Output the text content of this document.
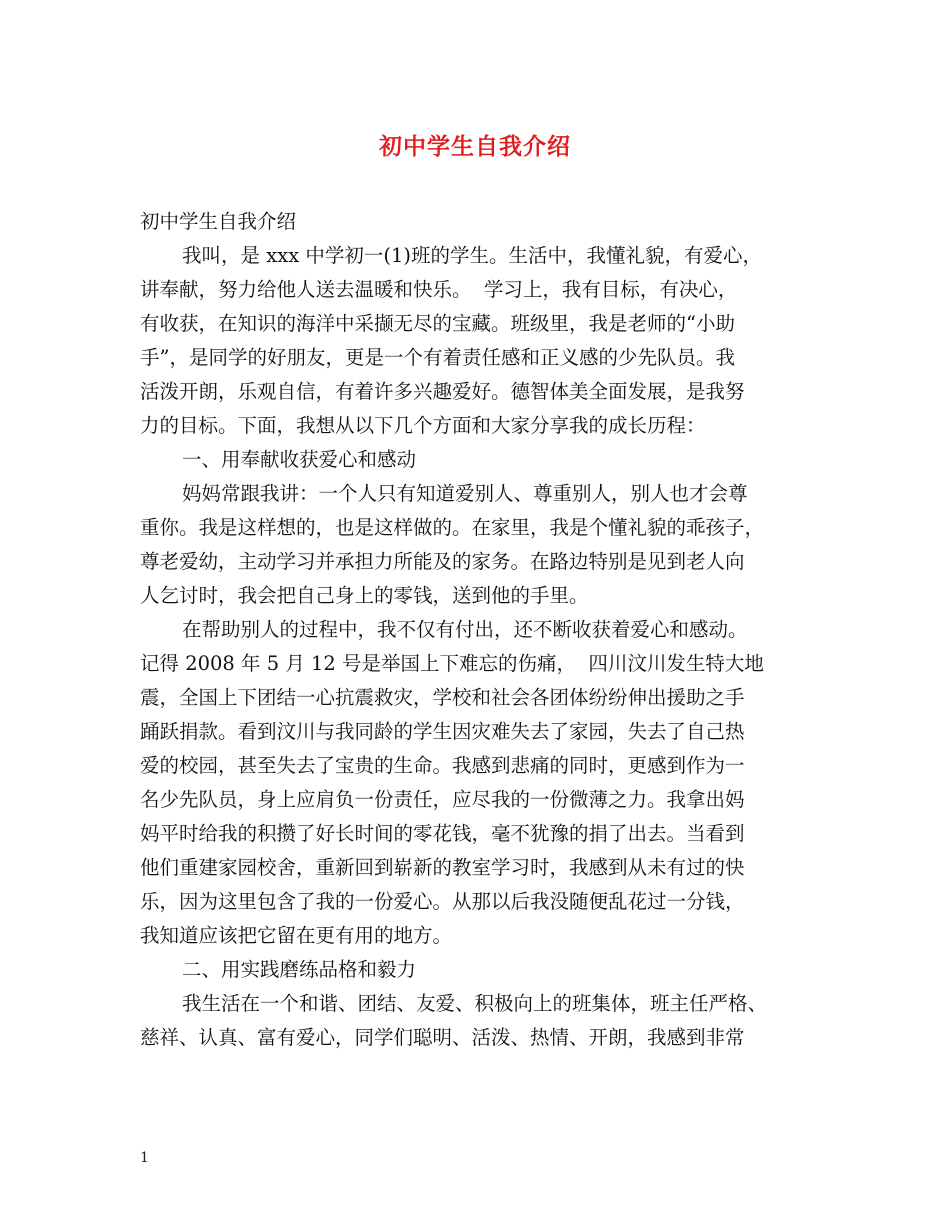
初中学生自我介绍
初中学生自我介绍
我叫，是 xxx 中学初一(1)班的学生。生活中，我懂礼貌，有爱心，
讲奉献，努力给他人送去温暖和快乐。  学习上，我有目标，有决心，
有收获，在知识的海洋中采撷无尽的宝藏。班级里，我是老师的“小助
手”，是同学的好朋友，更是一个有着责任感和正义感的少先队员。我
活泼开朗，乐观自信，有着许多兴趣爱好。德智体美全面发展，是我努
力的目标。下面，我想从以下几个方面和大家分享我的成长历程：
一、用奉献收获爱心和感动
妈妈常跟我讲：一个人只有知道爱别人、尊重别人，别人也才会尊
重你。我是这样想的，也是这样做的。在家里，我是个懂礼貌的乖孩子，
尊老爱幼，主动学习并承担力所能及的家务。在路边特别是见到老人向
人乞讨时，我会把自己身上的零钱，送到他的手里。
在帮助别人的过程中，我不仅有付出，还不断收获着爱心和感动。
记得 2008 年 5 月 12 号是举国上下难忘的伤痛，  四川汶川发生特大地
震，全国上下团结一心抗震救灾，学校和社会各团体纷纷伸出援助之手
踊跃捐款。看到汶川与我同龄的学生因灾难失去了家园，失去了自己热
爱的校园，甚至失去了宝贵的生命。我感到悲痛的同时，更感到作为一
名少先队员，身上应肩负一份责任，应尽我的一份微薄之力。我拿出妈
妈平时给我的积攒了好长时间的零花钱，毫不犹豫的捐了出去。当看到
他们重建家园校舍，重新回到崭新的教室学习时，我感到从未有过的快
乐，因为这里包含了我的一份爱心。从那以后我没随便乱花过一分钱，
我知道应该把它留在更有用的地方。
二、用实践磨练品格和毅力
我生活在一个和谐、团结、友爱、积极向上的班集体，班主任严格、
慈祥、认真、富有爱心，同学们聪明、活泼、热情、开朗，我感到非常
1
